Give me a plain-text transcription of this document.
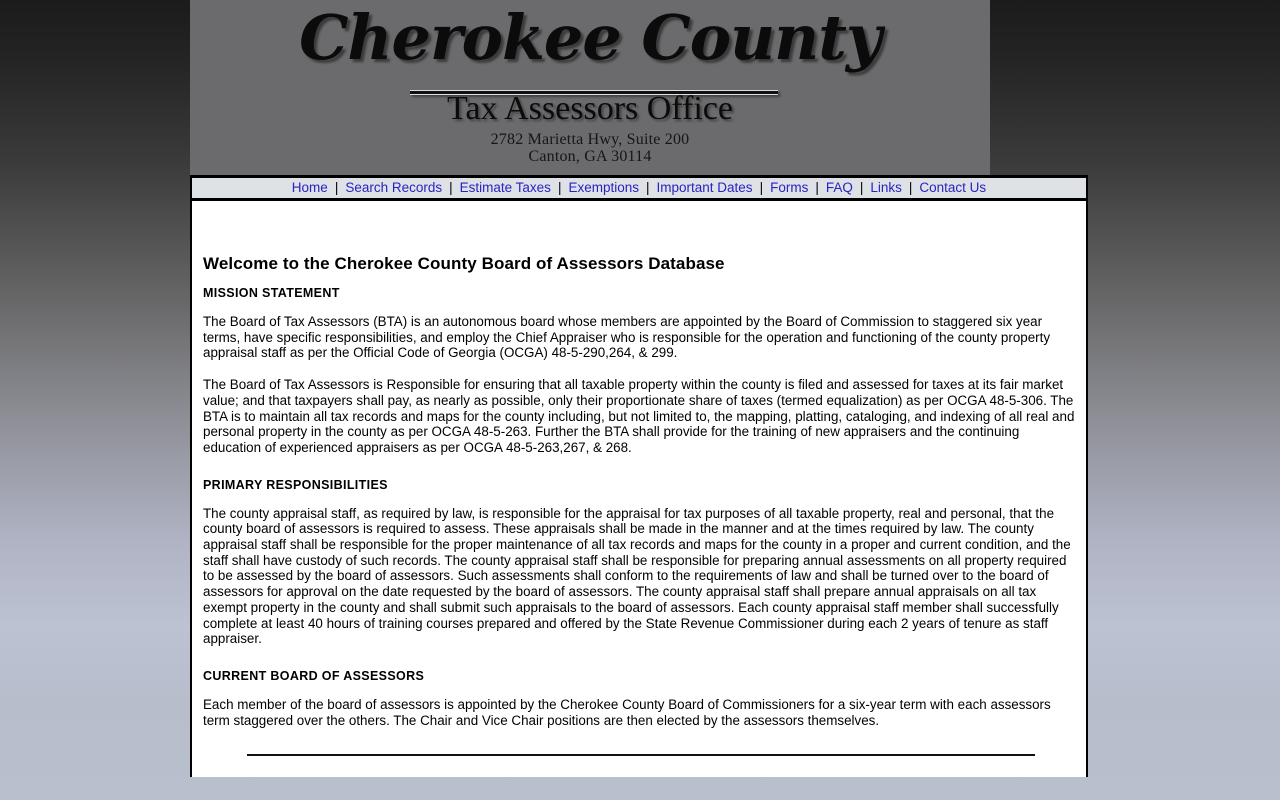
Cherokee County
Tax Assessors Office
2782 Marietta Hwy, Suite 200
Canton, GA 30114
Home | Search Records | Estimate Taxes | Exemptions | Important Dates | Forms | FAQ | Links | Contact Us
Welcome to the Cherokee County Board of Assessors Database
MISSION STATEMENT

The Board of Tax Assessors (BTA) is an autonomous board whose members are appointed by the Board of Commission to staggered six year terms, have specific responsibilities, and employ the Chief Appraiser who is responsible for the operation and functioning of the county property appraisal staff as per the Official Code of Georgia (OCGA) 48-5-290,264, & 299.

The Board of Tax Assessors is Responsible for ensuring that all taxable property within the county is filed and assessed for taxes at its fair market value; and that taxpayers shall pay, as nearly as possible, only their proportionate share of taxes (termed equalization) as per OCGA 48-5-306. The BTA is to maintain all tax records and maps for the county including, but not limited to, the mapping, platting, cataloging, and indexing of all real and personal property in the county as per OCGA 48-5-263. Further the BTA shall provide for the training of new appraisers and the continuing education of experienced appraisers as per OCGA 48-5-263,267, & 268.

PRIMARY RESPONSIBILITIES

The county appraisal staff, as required by law, is responsible for the appraisal for tax purposes of all taxable property, real and personal, that the county board of assessors is required to assess. These appraisals shall be made in the manner and at the times required by law. The county appraisal staff shall be responsible for the proper maintenance of all tax records and maps for the county in a proper and current condition, and the staff shall have custody of such records. The county appraisal staff shall be responsible for preparing annual assessments on all property required to be assessed by the board of assessors. Such assessments shall conform to the requirements of law and shall be turned over to the board of assessors for approval on the date requested by the board of assessors. The county appraisal staff shall prepare annual appraisals on all tax exempt property in the county and shall submit such appraisals to the board of assessors. Each county appraisal staff member shall successfully complete at least 40 hours of training courses prepared and offered by the State Revenue Commissioner during each 2 years of tenure as staff appraiser.

CURRENT BOARD OF ASSESSORS

Each member of the board of assessors is appointed by the Cherokee County Board of Commissioners for a six-year term with each assessors term staggered over the others. The Chair and Vice Chair positions are then elected by the assessors themselves.
